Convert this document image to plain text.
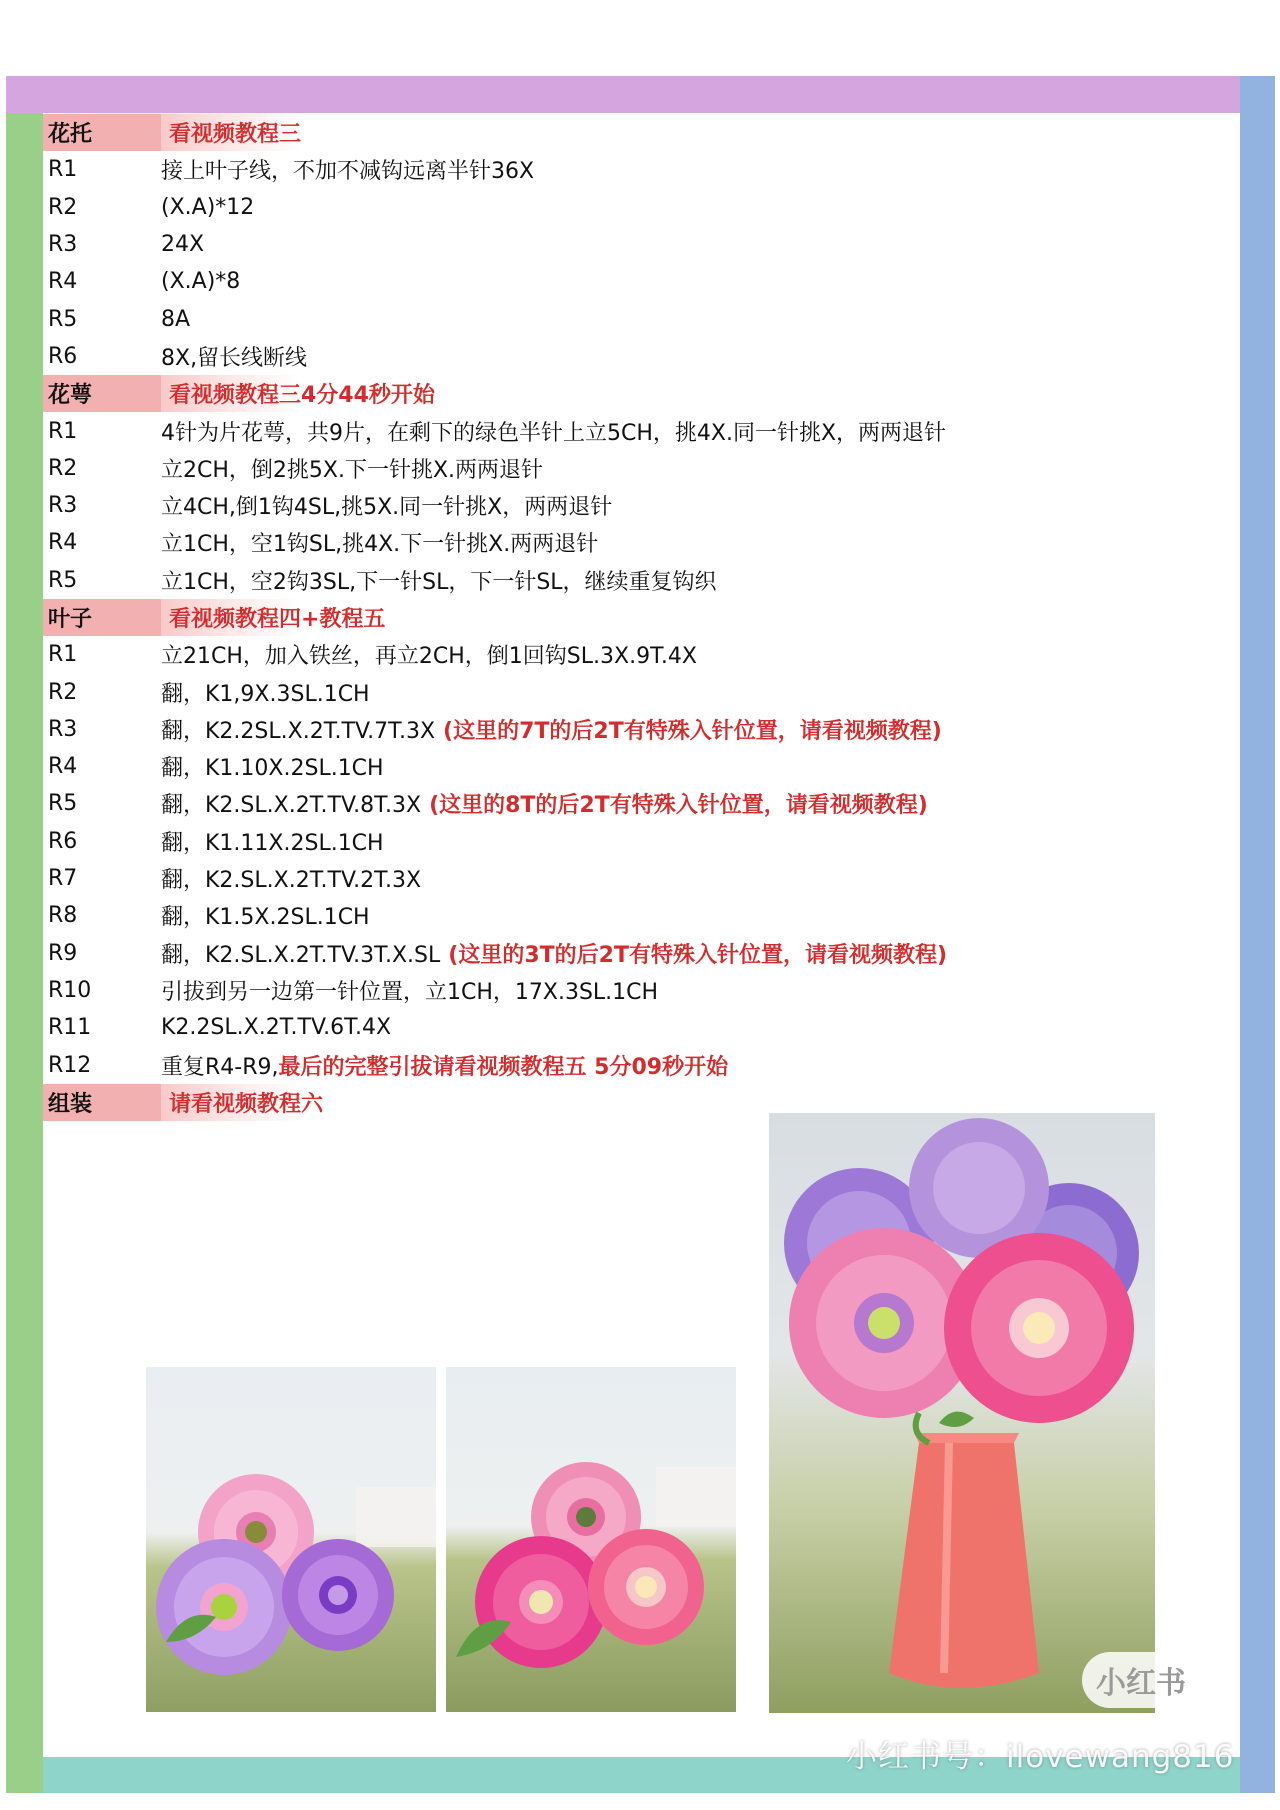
花托	看视频教程三
R1	接上叶子线，不加不减钩远离半针36X
R2	(X.A)*12
R3	24X
R4	(X.A)*8
R5	8A
R6	8X,留长线断线
花萼	看视频教程三4分44秒开始
R1	4针为片花萼，共9片，在剩下的绿色半针上立5CH，挑4X.同一针挑X，两两退针
R2	立2CH，倒2挑5X.下一针挑X.两两退针
R3	立4CH,倒1钩4SL,挑5X.同一针挑X，两两退针
R4	立1CH，空1钩SL,挑4X.下一针挑X.两两退针
R5	立1CH，空2钩3SL,下一针SL，下一针SL，继续重复钩织
叶子	看视频教程四+教程五
R1	立21CH，加入铁丝，再立2CH，倒1回钩SL.3X.9T.4X
R2	翻，K1,9X.3SL.1CH
R3	翻，K2.2SL.X.2T.TV.7T.3X (这里的7T的后2T有特殊入针位置，请看视频教程)
R4	翻，K1.10X.2SL.1CH
R5	翻，K2.SL.X.2T.TV.8T.3X (这里的8T的后2T有特殊入针位置，请看视频教程)
R6	翻，K1.11X.2SL.1CH
R7	翻，K2.SL.X.2T.TV.2T.3X
R8	翻，K1.5X.2SL.1CH
R9	翻，K2.SL.X.2T.TV.3T.X.SL (这里的3T的后2T有特殊入针位置，请看视频教程)
R10	引拔到另一边第一针位置，立1CH，17X.3SL.1CH
R11	K2.2SL.X.2T.TV.6T.4X
R12	重复R4-R9, 最后的完整引拔请看视频教程五 5分09秒开始
组装	请看视频教程六
小红书
小红书号：ilovewang816
